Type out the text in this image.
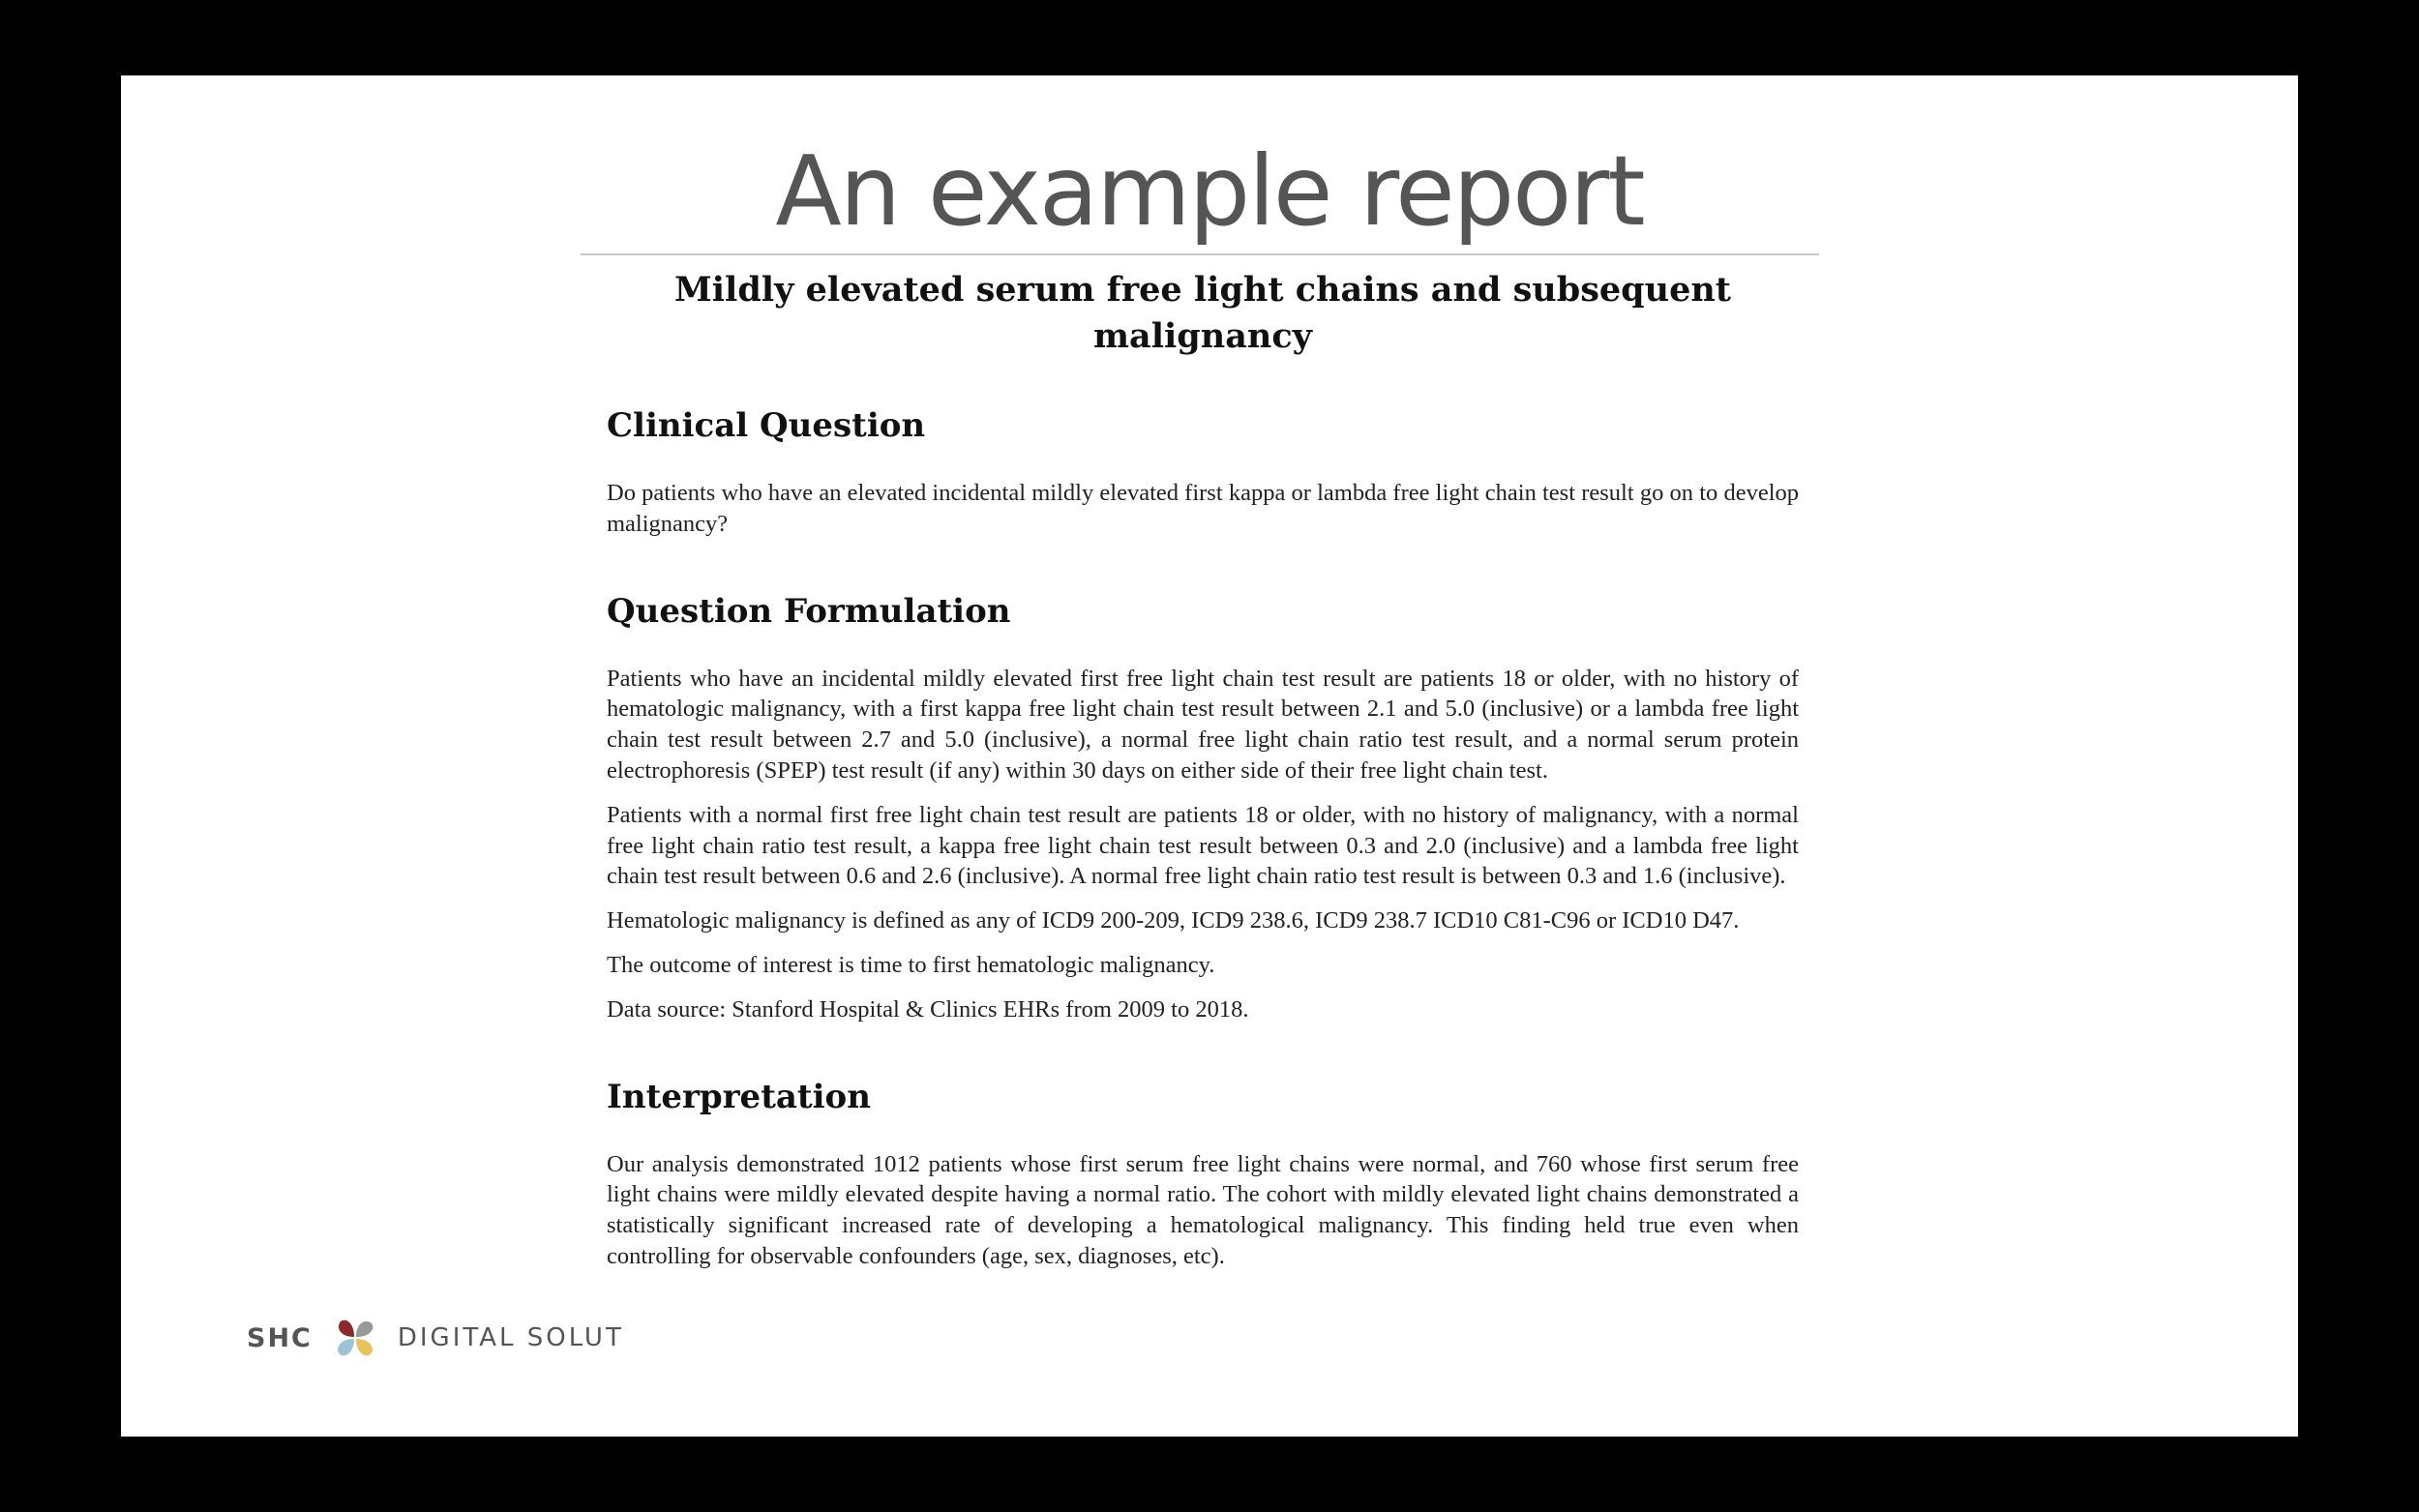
An example report
Mildly elevated serum free light chains and subsequent malignancy
Clinical Question

Do patients who have an elevated incidental mildly elevated first kappa or lambda free light chain test result go on to develop malignancy?

Question Formulation

Patients who have an incidental mildly elevated first free light chain test result are patients 18 or older, with no history of hematologic malignancy, with a first kappa free light chain test result between 2.1 and 5.0 (inclusive) or a lambda free light chain test result between 2.7 and 5.0 (inclusive), a normal free light chain ratio test result, and a normal serum protein electrophoresis (SPEP) test result (if any) within 30 days on either side of their free light chain test.

Patients with a normal first free light chain test result are patients 18 or older, with no history of malignancy, with a normal free light chain ratio test result, a kappa free light chain test result between 0.3 and 2.0 (inclusive) and a lambda free light chain test result between 0.6 and 2.6 (inclusive). A normal free light chain ratio test result is between 0.3 and 1.6 (inclusive).

Hematologic malignancy is defined as any of ICD9 200-209, ICD9 238.6, ICD9 238.7 ICD10 C81-C96 or ICD10 D47.

The outcome of interest is time to first hematologic malignancy.

Data source: Stanford Hospital & Clinics EHRs from 2009 to 2018.

Interpretation

Our analysis demonstrated 1012 patients whose first serum free light chains were normal, and 760 whose first serum free light chains were mildly elevated despite having a normal ratio. The cohort with mildly elevated light chains demonstrated a statistically significant increased rate of developing a hematological malignancy. This finding held true even when controlling for observable confounders (age, sex, diagnoses, etc).

SHC	DIGITAL SOLUT
